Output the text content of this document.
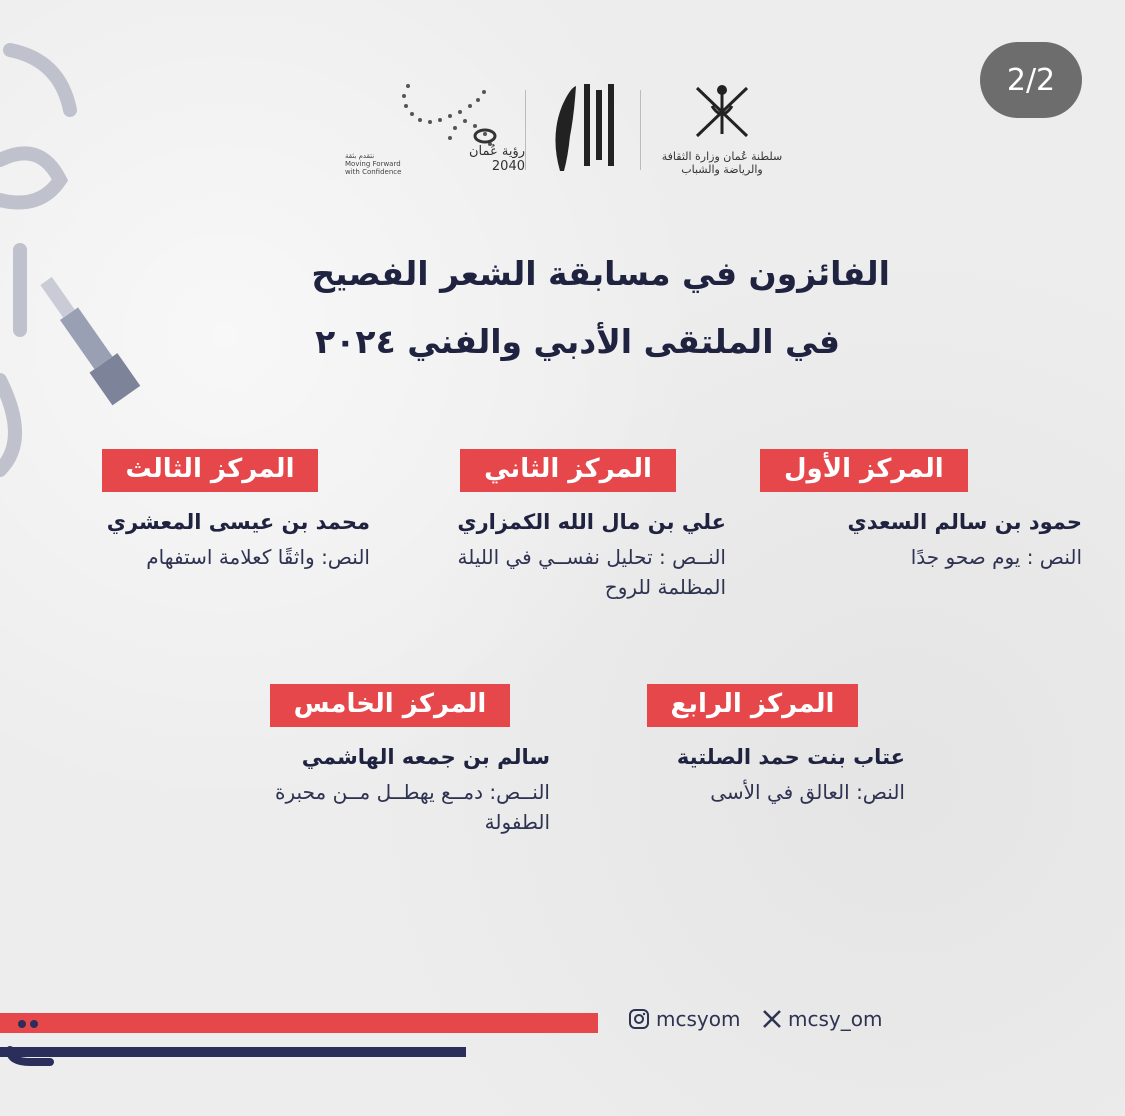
2/2
رؤية عُمان 2040
نتقدم بثقة
Moving Forward
with Confidence
سلطنة عُمان وزارة الثقافة والرياضة والشباب
الفائزون في مسابقة الشعر الفصيح
في الملتقى الأدبي والفني ٢٠٢٤
المركز الأول
حمود بن سالم السعدي
النص : يوم صحو جدًا
المركز الثاني
علي بن مال الله الكمزاري
النــص : تحليل نفســي في الليلة المظلمة للروح
المركز الثالث
محمد بن عيسى المعشري
النص: واثقًا كعلامة استفهام
المركز الرابع
عتاب بنت حمد الصلتية
النص: العالق في الأسى
المركز الخامس
سالم بن جمعه الهاشمي
النــص: دمــع يهطــل مــن محبرة الطفولة
mcsyom mcsy_om
